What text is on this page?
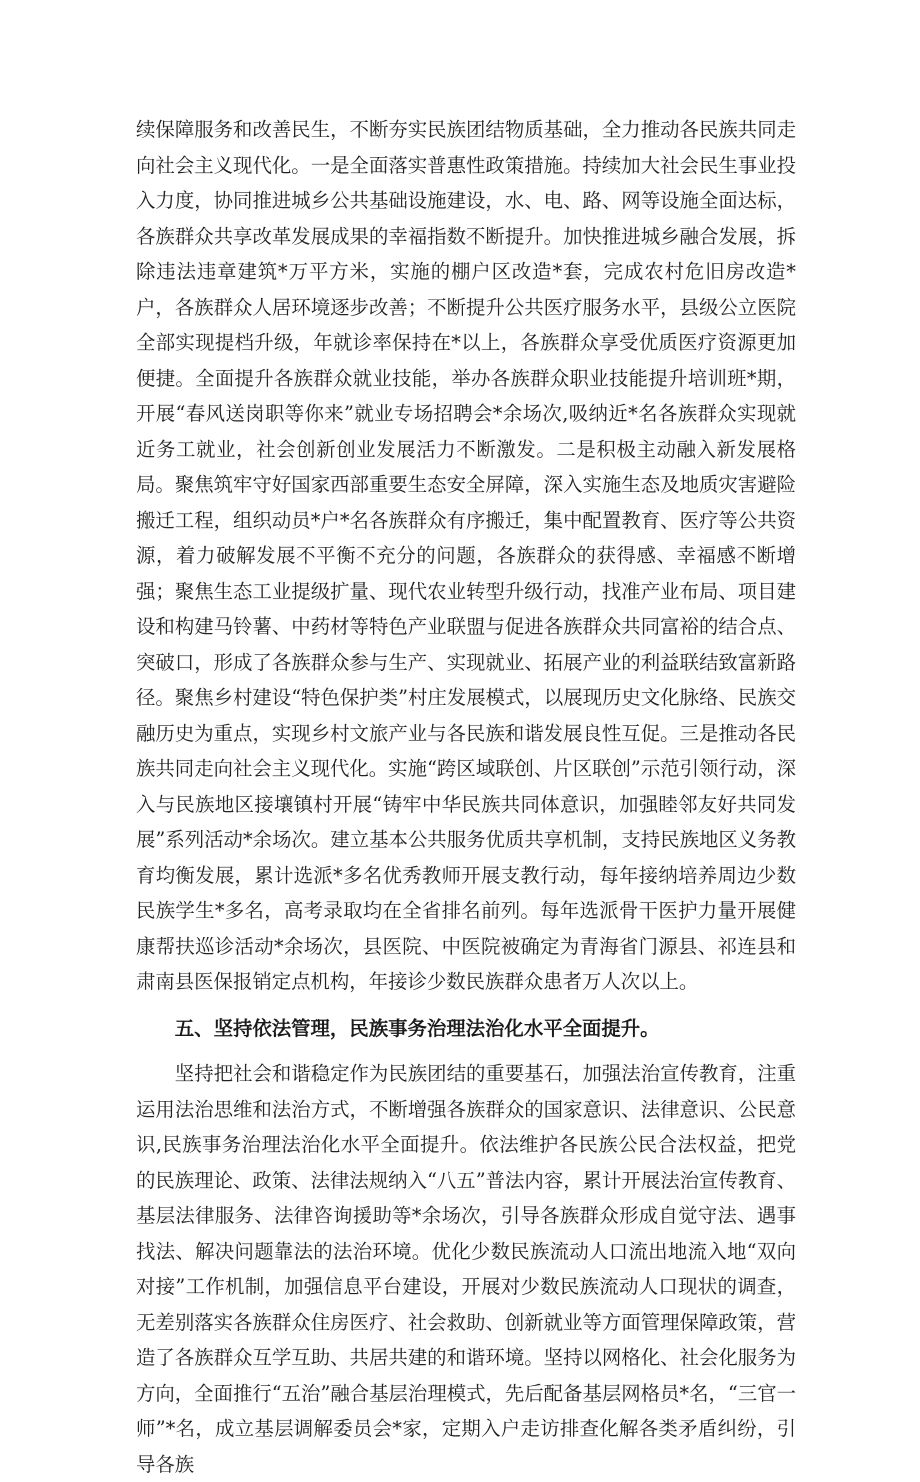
续保障服务和改善民生，不断夯实民族团结物质基础，全力推动各民族共同走向社会主义现代化。一是全面落实普惠性政策措施。持续加大社会民生事业投入力度，协同推进城乡公共基础设施建设，水、电、路、网等设施全面达标，各族群众共享改革发展成果的幸福指数不断提升。加快推进城乡融合发展，拆除违法违章建筑*万平方米，实施的棚户区改造*套，完成农村危旧房改造*户，各族群众人居环境逐步改善；不断提升公共医疗服务水平，县级公立医院全部实现提档升级，年就诊率保持在*以上，各族群众享受优质医疗资源更加便捷。全面提升各族群众就业技能，举办各族群众职业技能提升培训班*期，开展“春风送岗职等你来”就业专场招聘会*余场次,吸纳近*名各族群众实现就近务工就业，社会创新创业发展活力不断激发。二是积极主动融入新发展格局。聚焦筑牢守好国家西部重要生态安全屏障，深入实施生态及地质灾害避险搬迁工程，组织动员*户*名各族群众有序搬迁，集中配置教育、医疗等公共资源，着力破解发展不平衡不充分的问题，各族群众的获得感、幸福感不断增强；聚焦生态工业提级扩量、现代农业转型升级行动，找准产业布局、项目建设和构建马铃薯、中药材等特色产业联盟与促进各族群众共同富裕的结合点、突破口，形成了各族群众参与生产、实现就业、拓展产业的利益联结致富新路径。聚焦乡村建设“特色保护类”村庄发展模式，以展现历史文化脉络、民族交融历史为重点，实现乡村文旅产业与各民族和谐发展良性互促。三是推动各民族共同走向社会主义现代化。实施“跨区域联创、片区联创”示范引领行动，深入与民族地区接壤镇村开展“铸牢中华民族共同体意识，加强睦邻友好共同发展”系列活动*余场次。建立基本公共服务优质共享机制，支持民族地区义务教育均衡发展，累计选派*多名优秀教师开展支教行动，每年接纳培养周边少数民族学生*多名，高考录取均在全省排名前列。每年选派骨干医护力量开展健康帮扶巡诊活动*余场次，县医院、中医院被确定为青海省门源县、祁连县和肃南县医保报销定点机构，年接诊少数民族群众患者万人次以上。

五、坚持依法管理，民族事务治理法治化水平全面提升。

坚持把社会和谐稳定作为民族团结的重要基石，加强法治宣传教育，注重运用法治思维和法治方式，不断增强各族群众的国家意识、法律意识、公民意识,民族事务治理法治化水平全面提升。依法维护各民族公民合法权益，把党的民族理论、政策、法律法规纳入“八五”普法内容，累计开展法治宣传教育、基层法律服务、法律咨询援助等*余场次，引导各族群众形成自觉守法、遇事找法、解决问题靠法的法治环境。优化少数民族流动人口流出地流入地“双向对接”工作机制，加强信息平台建设，开展对少数民族流动人口现状的调查，无差别落实各族群众住房医疗、社会救助、创新就业等方面管理保障政策，营造了各族群众互学互助、共居共建的和谐环境。坚持以网格化、社会化服务为方向，全面推行“五治”融合基层治理模式，先后配备基层网格员*名，“三官一师”*名，成立基层调解委员会*家，定期入户走访排查化解各类矛盾纠纷，引导各族
